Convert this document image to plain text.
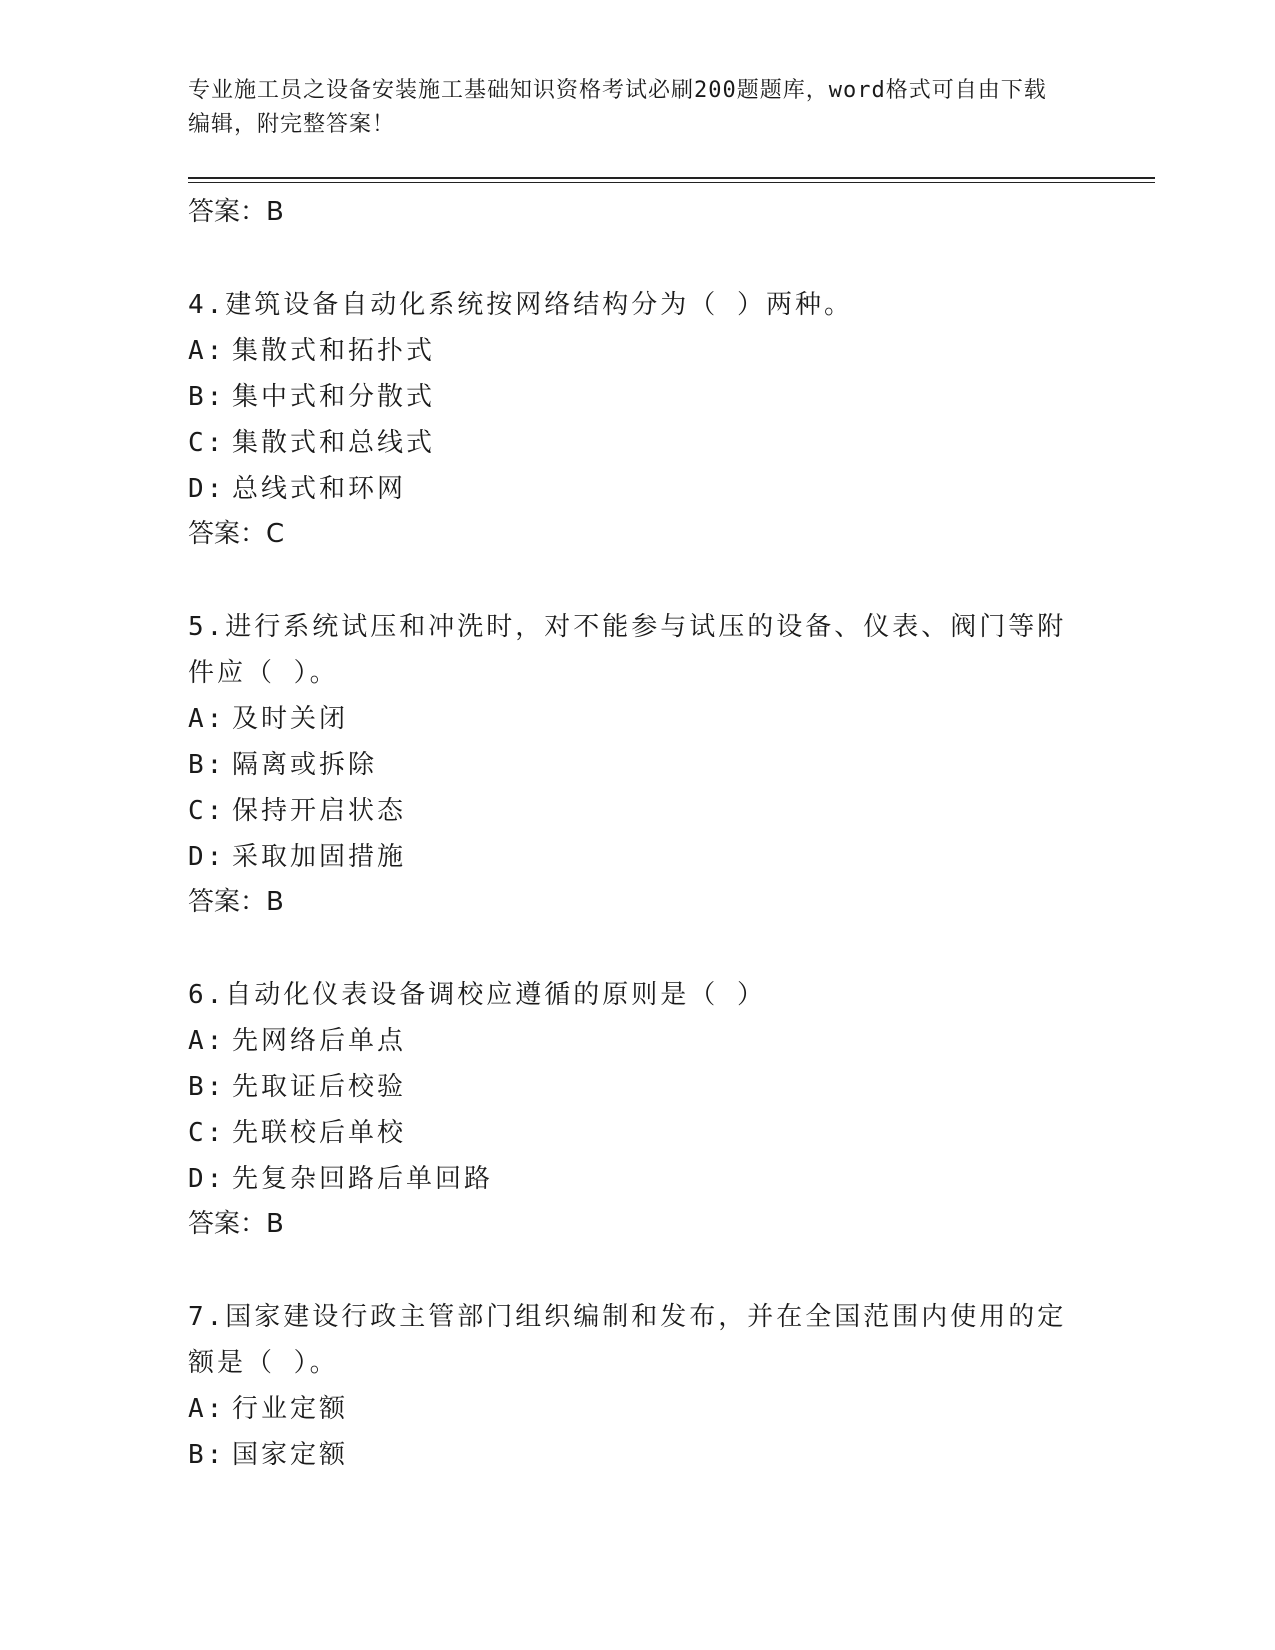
专业施工员之设备安装施工基础知识资格考试必刷200题题库，word格式可自由下载编辑，附完整答案！
答案：B
4.建筑设备自动化系统按网络结构分为（ ）两种。
A: 集散式和拓扑式
B: 集中式和分散式
C: 集散式和总线式
D: 总线式和环网
答案：C
5.进行系统试压和冲洗时，对不能参与试压的设备、仪表、阀门等附件应（ ）。
A: 及时关闭
B: 隔离或拆除
C: 保持开启状态
D: 采取加固措施
答案：B
6.自动化仪表设备调校应遵循的原则是（ ）
A: 先网络后单点
B: 先取证后校验
C: 先联校后单校
D: 先复杂回路后单回路
答案：B
7.国家建设行政主管部门组织编制和发布，并在全国范围内使用的定额是（ ）。
A: 行业定额
B: 国家定额
